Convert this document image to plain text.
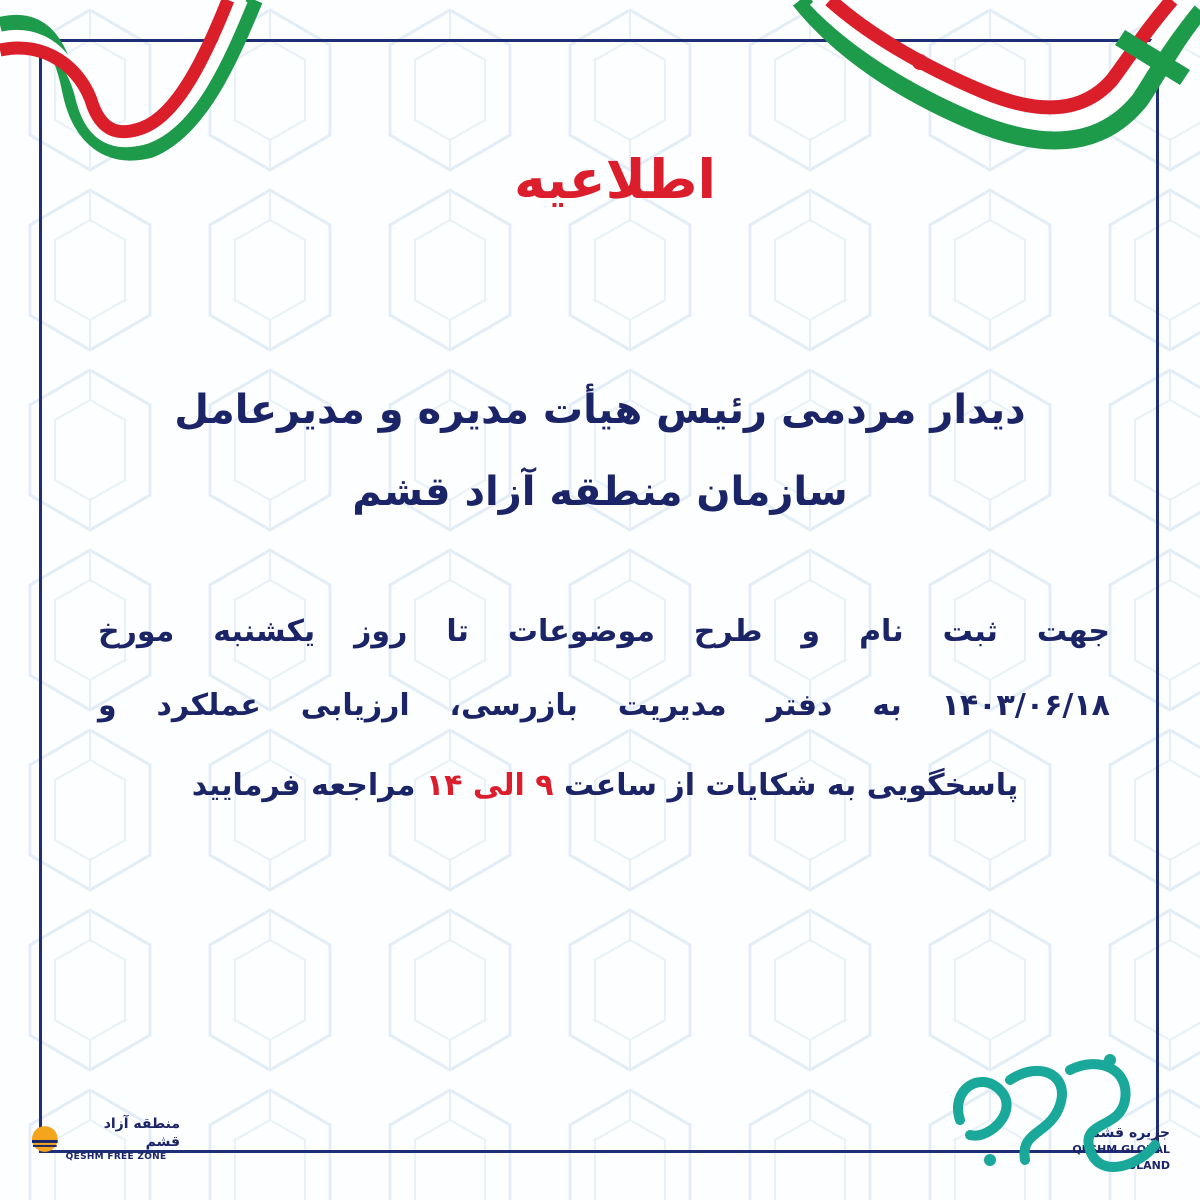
اطلاعیه
دیدار مردمی رئیس هیأت مدیره و مدیرعامل
سازمان منطقه آزاد قشم
جهت ثبت نام و طرح موضوعات تا روز یکشنبه مورخ
۱۴۰۳/۰۶/۱۸ به دفتر مدیریت بازرسی، ارزیابی عملکرد و
پاسخگویی به شکایات از ساعت ۹ الی ۱۴ مراجعه فرمایید
منطقه آزاد قشم
QESHM FREE ZONE
جزیره قشم
QESHM GLOBAL ISLAND
